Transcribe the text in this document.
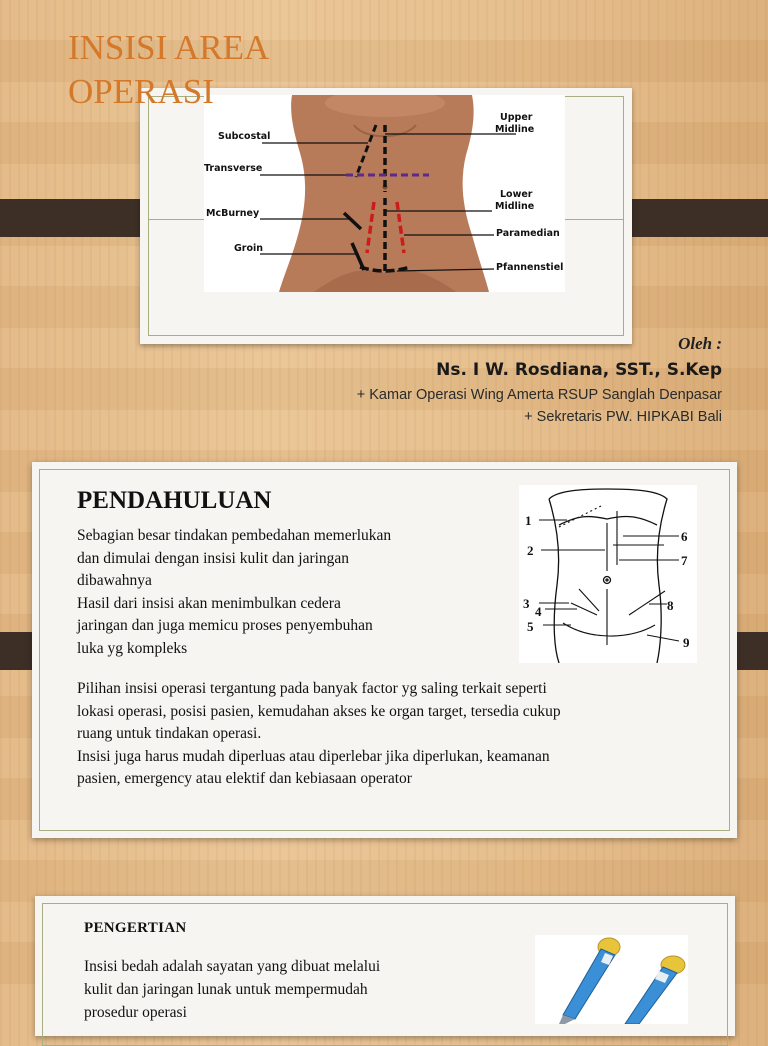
INSISI AREA
OPERASI
Subcostal
Transverse
McBurney
Groin
Upper
Midline
Lower
Midline
Paramedian
Pfannenstiel
Oleh :
Ns. I W. Rosdiana, SST., S.Kep
+ Kamar Operasi Wing Amerta RSUP Sanglah Denpasar
+ Sekretaris PW. HIPKABI Bali
PENDAHULUAN
Sebagian besar tindakan pembedahan memerlukan
dan dimulai dengan insisi kulit dan jaringan
dibawahnya
Hasil dari insisi akan menimbulkan cedera
jaringan dan juga memicu proses penyembuhan
luka yg kompleks
1
2
3
4
5
6
7
8
9
Pilihan insisi operasi tergantung pada banyak factor yg saling terkait seperti
lokasi operasi, posisi pasien, kemudahan akses ke organ target, tersedia cukup
ruang untuk tindakan operasi.
Insisi juga harus mudah diperluas atau diperlebar jika diperlukan, keamanan
pasien, emergency atau elektif dan kebiasaan operator
PENGERTIAN
Insisi bedah adalah sayatan yang dibuat melalui
kulit dan jaringan lunak untuk mempermudah
prosedur operasi
